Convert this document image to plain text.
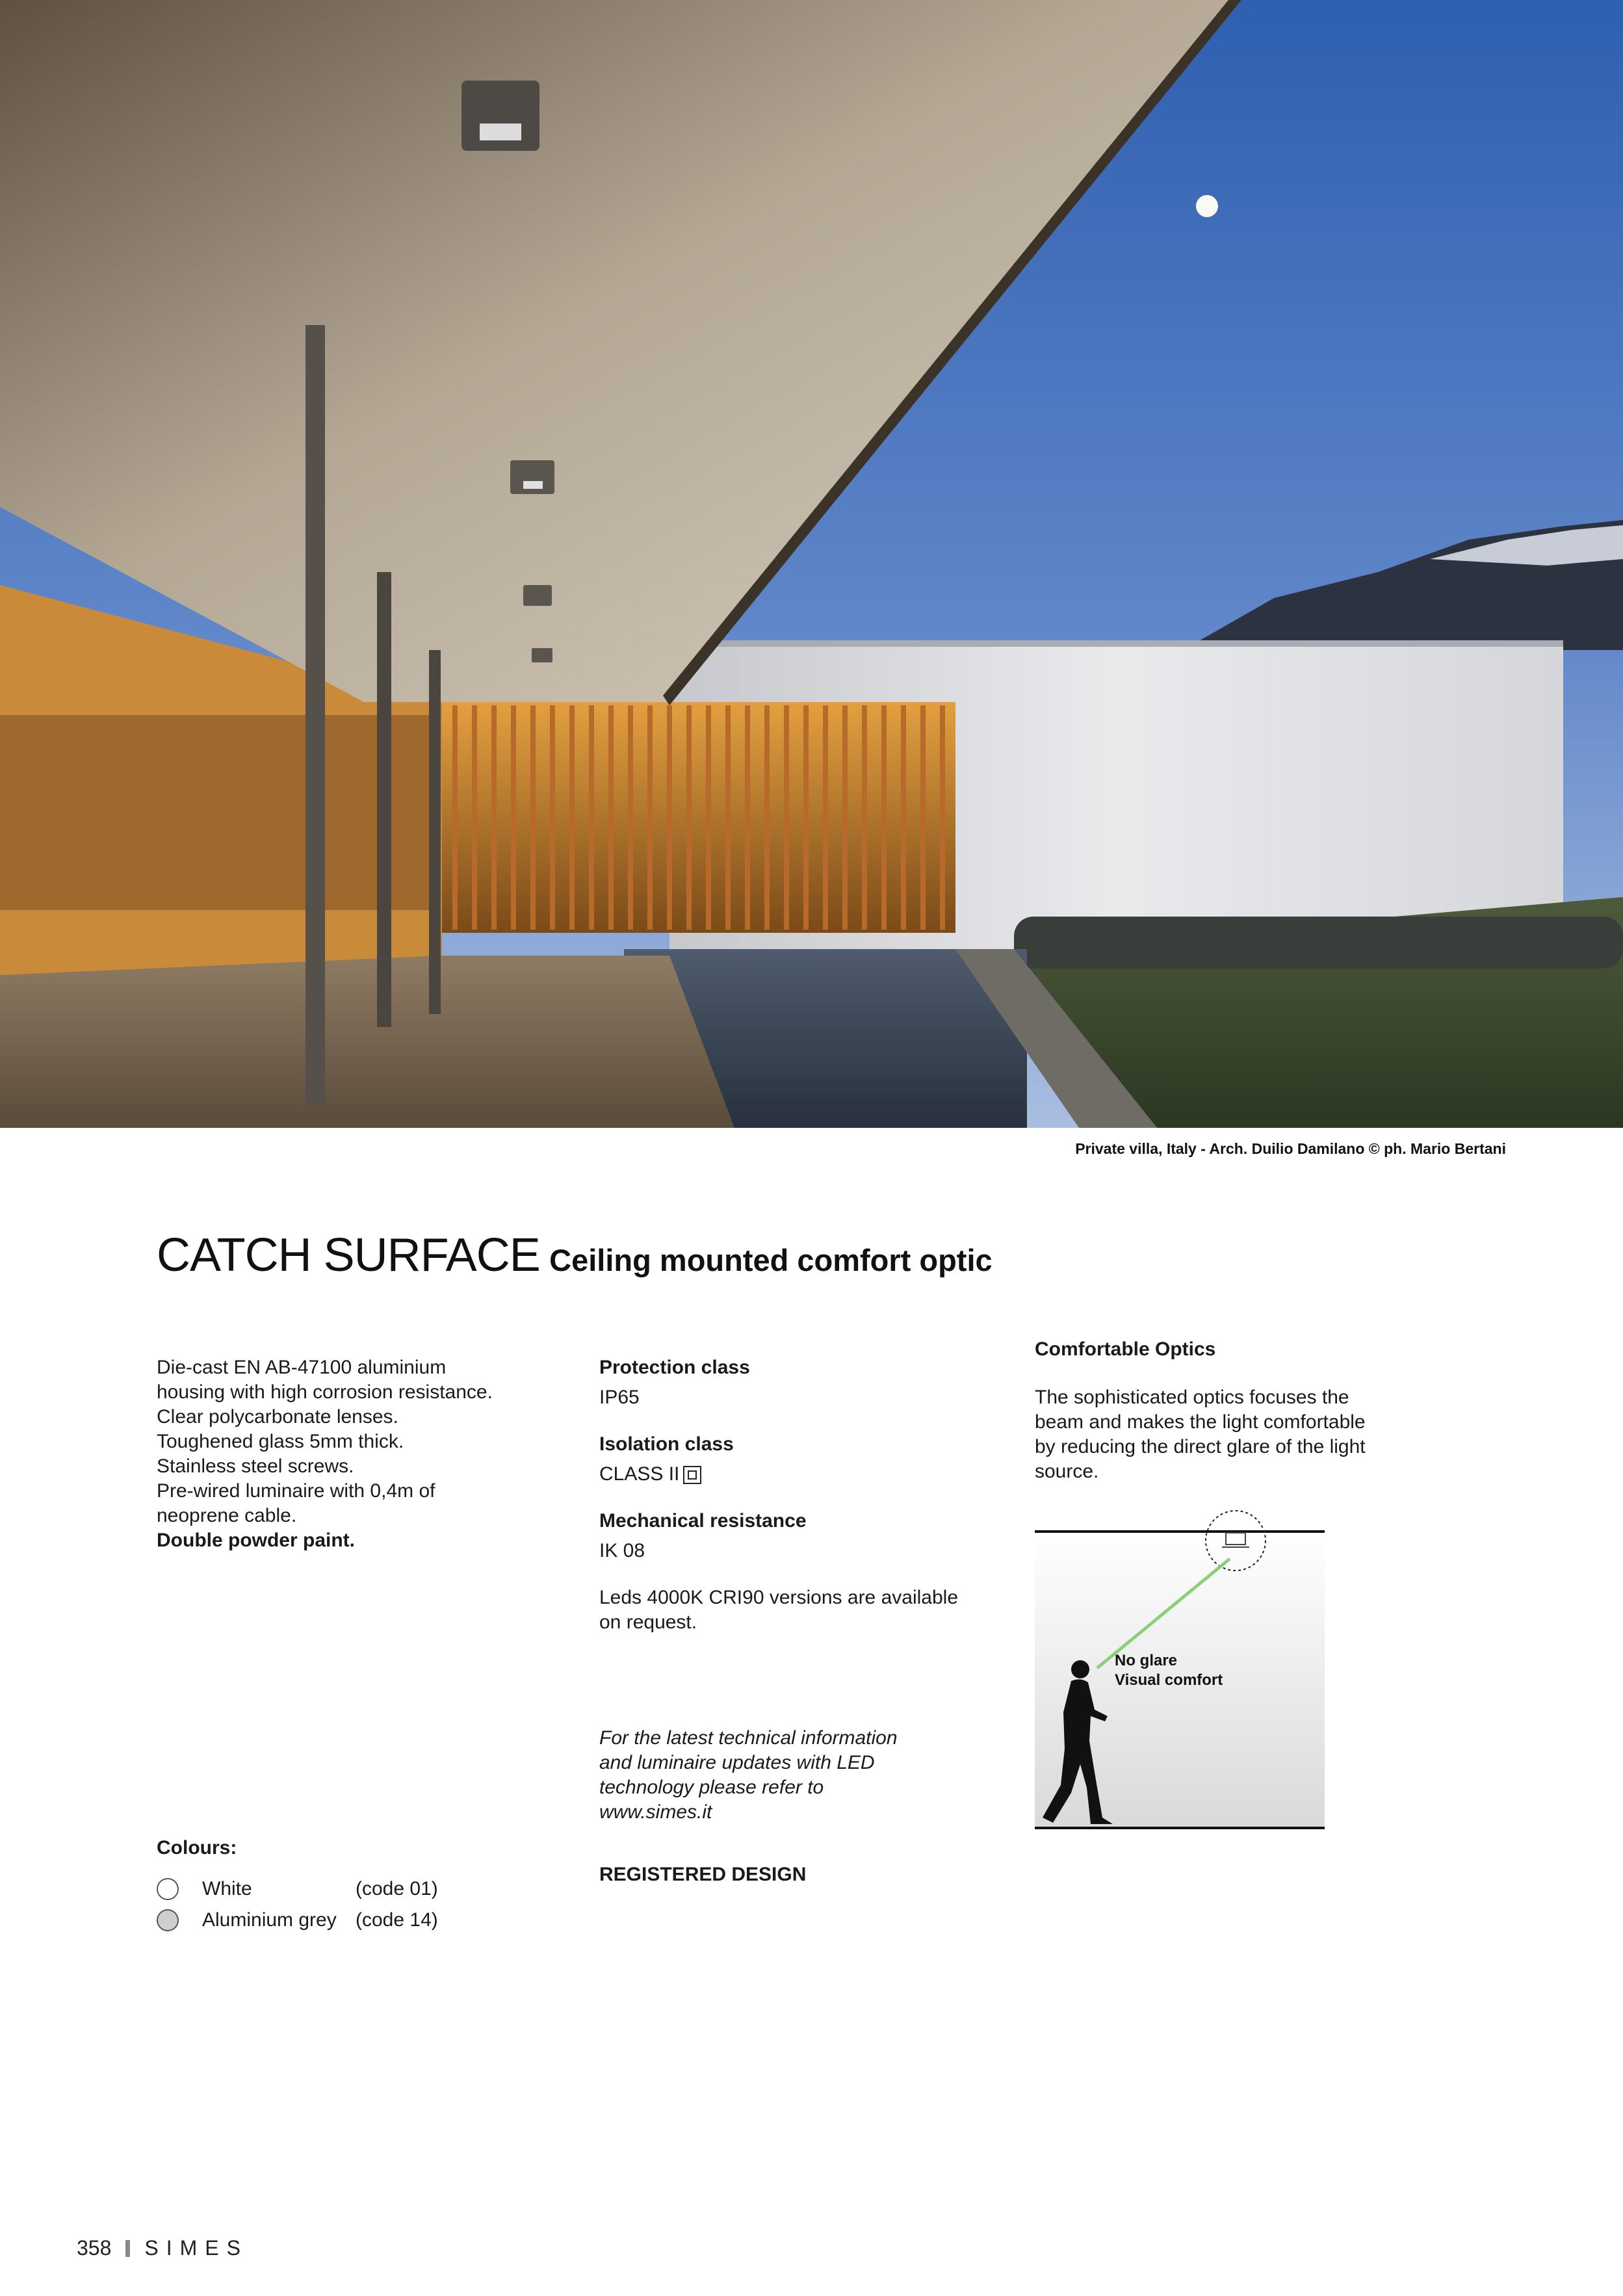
Private villa, Italy - Arch. Duilio Damilano © ph. Mario Bertani
CATCH SURFACE Ceiling mounted comfort optic
Die-cast EN AB-47100 aluminium
housing with high corrosion resistance.
Clear polycarbonate lenses.
Toughened glass 5mm thick.
Stainless steel screws.
Pre-wired luminaire with 0,4m of
neoprene cable.
Double powder paint.
Colours:
White	(code 01)
Aluminium grey (code 14)
Protection class
IP65
Isolation class
CLASS II
Mechanical resistance
IK 08
Leds 4000K CRI90 versions are available
on request.
For the latest technical information
and luminaire updates with LED
technology please refer to
www.simes.it
REGISTERED DESIGN
Comfortable Optics
The sophisticated optics focuses the
beam and makes the light comfortable
by reducing the direct glare of the light
source.
No glare
Visual comfort
358 SIMES
